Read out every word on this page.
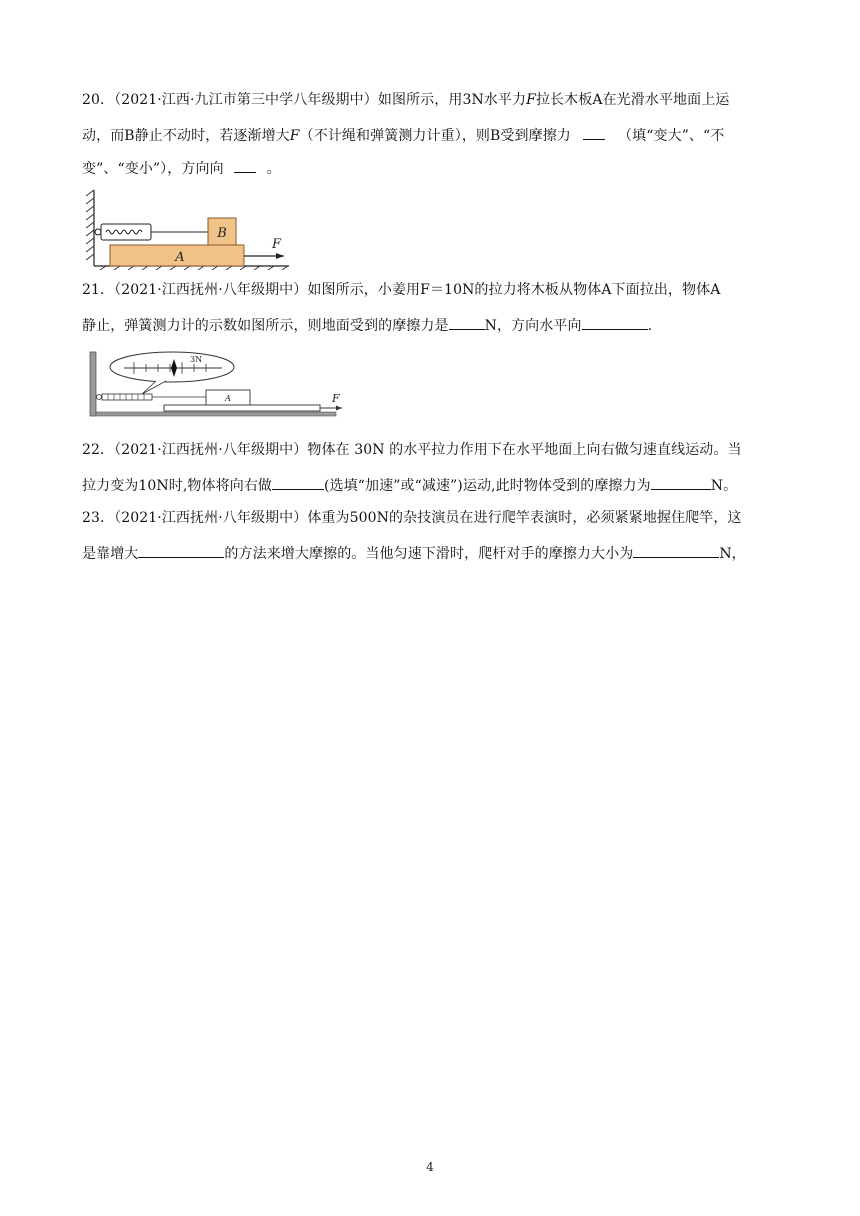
20．（2021·江西·九江市第三中学八年级期中）如图所示，用3N水平力F拉长木板A在光滑水平地面上运
动，而B静止不动时，若逐渐增大F（不计绳和弹簧测力计重），则B受到摩擦力	（填“变大”、“不
变”、“变小”），方向向	。
A
B
F
21．（2021·江西抚州·八年级期中）如图所示，小姜用F＝10N的拉力将木板从物体A下面拉出，物体A
静止，弹簧测力计的示数如图所示，则地面受到的摩擦力是	N，方向水平向	.
3N
A	F
22．（2021·江西抚州·八年级期中）物体在 30N 的水平拉力作用下在水平地面上向右做匀速直线运动。当
拉力变为10N时,物体将向右做	(选填“加速”或“减速”)运动,此时物体受到的摩擦力为	N。
23．（2021·江西抚州·八年级期中）体重为500N的杂技演员在进行爬竿表演时，必须紧紧地握住爬竿，这
是靠增大	的方法来增大摩擦的。当他匀速下滑时，爬杆对手的摩擦力大小为	N，
4
